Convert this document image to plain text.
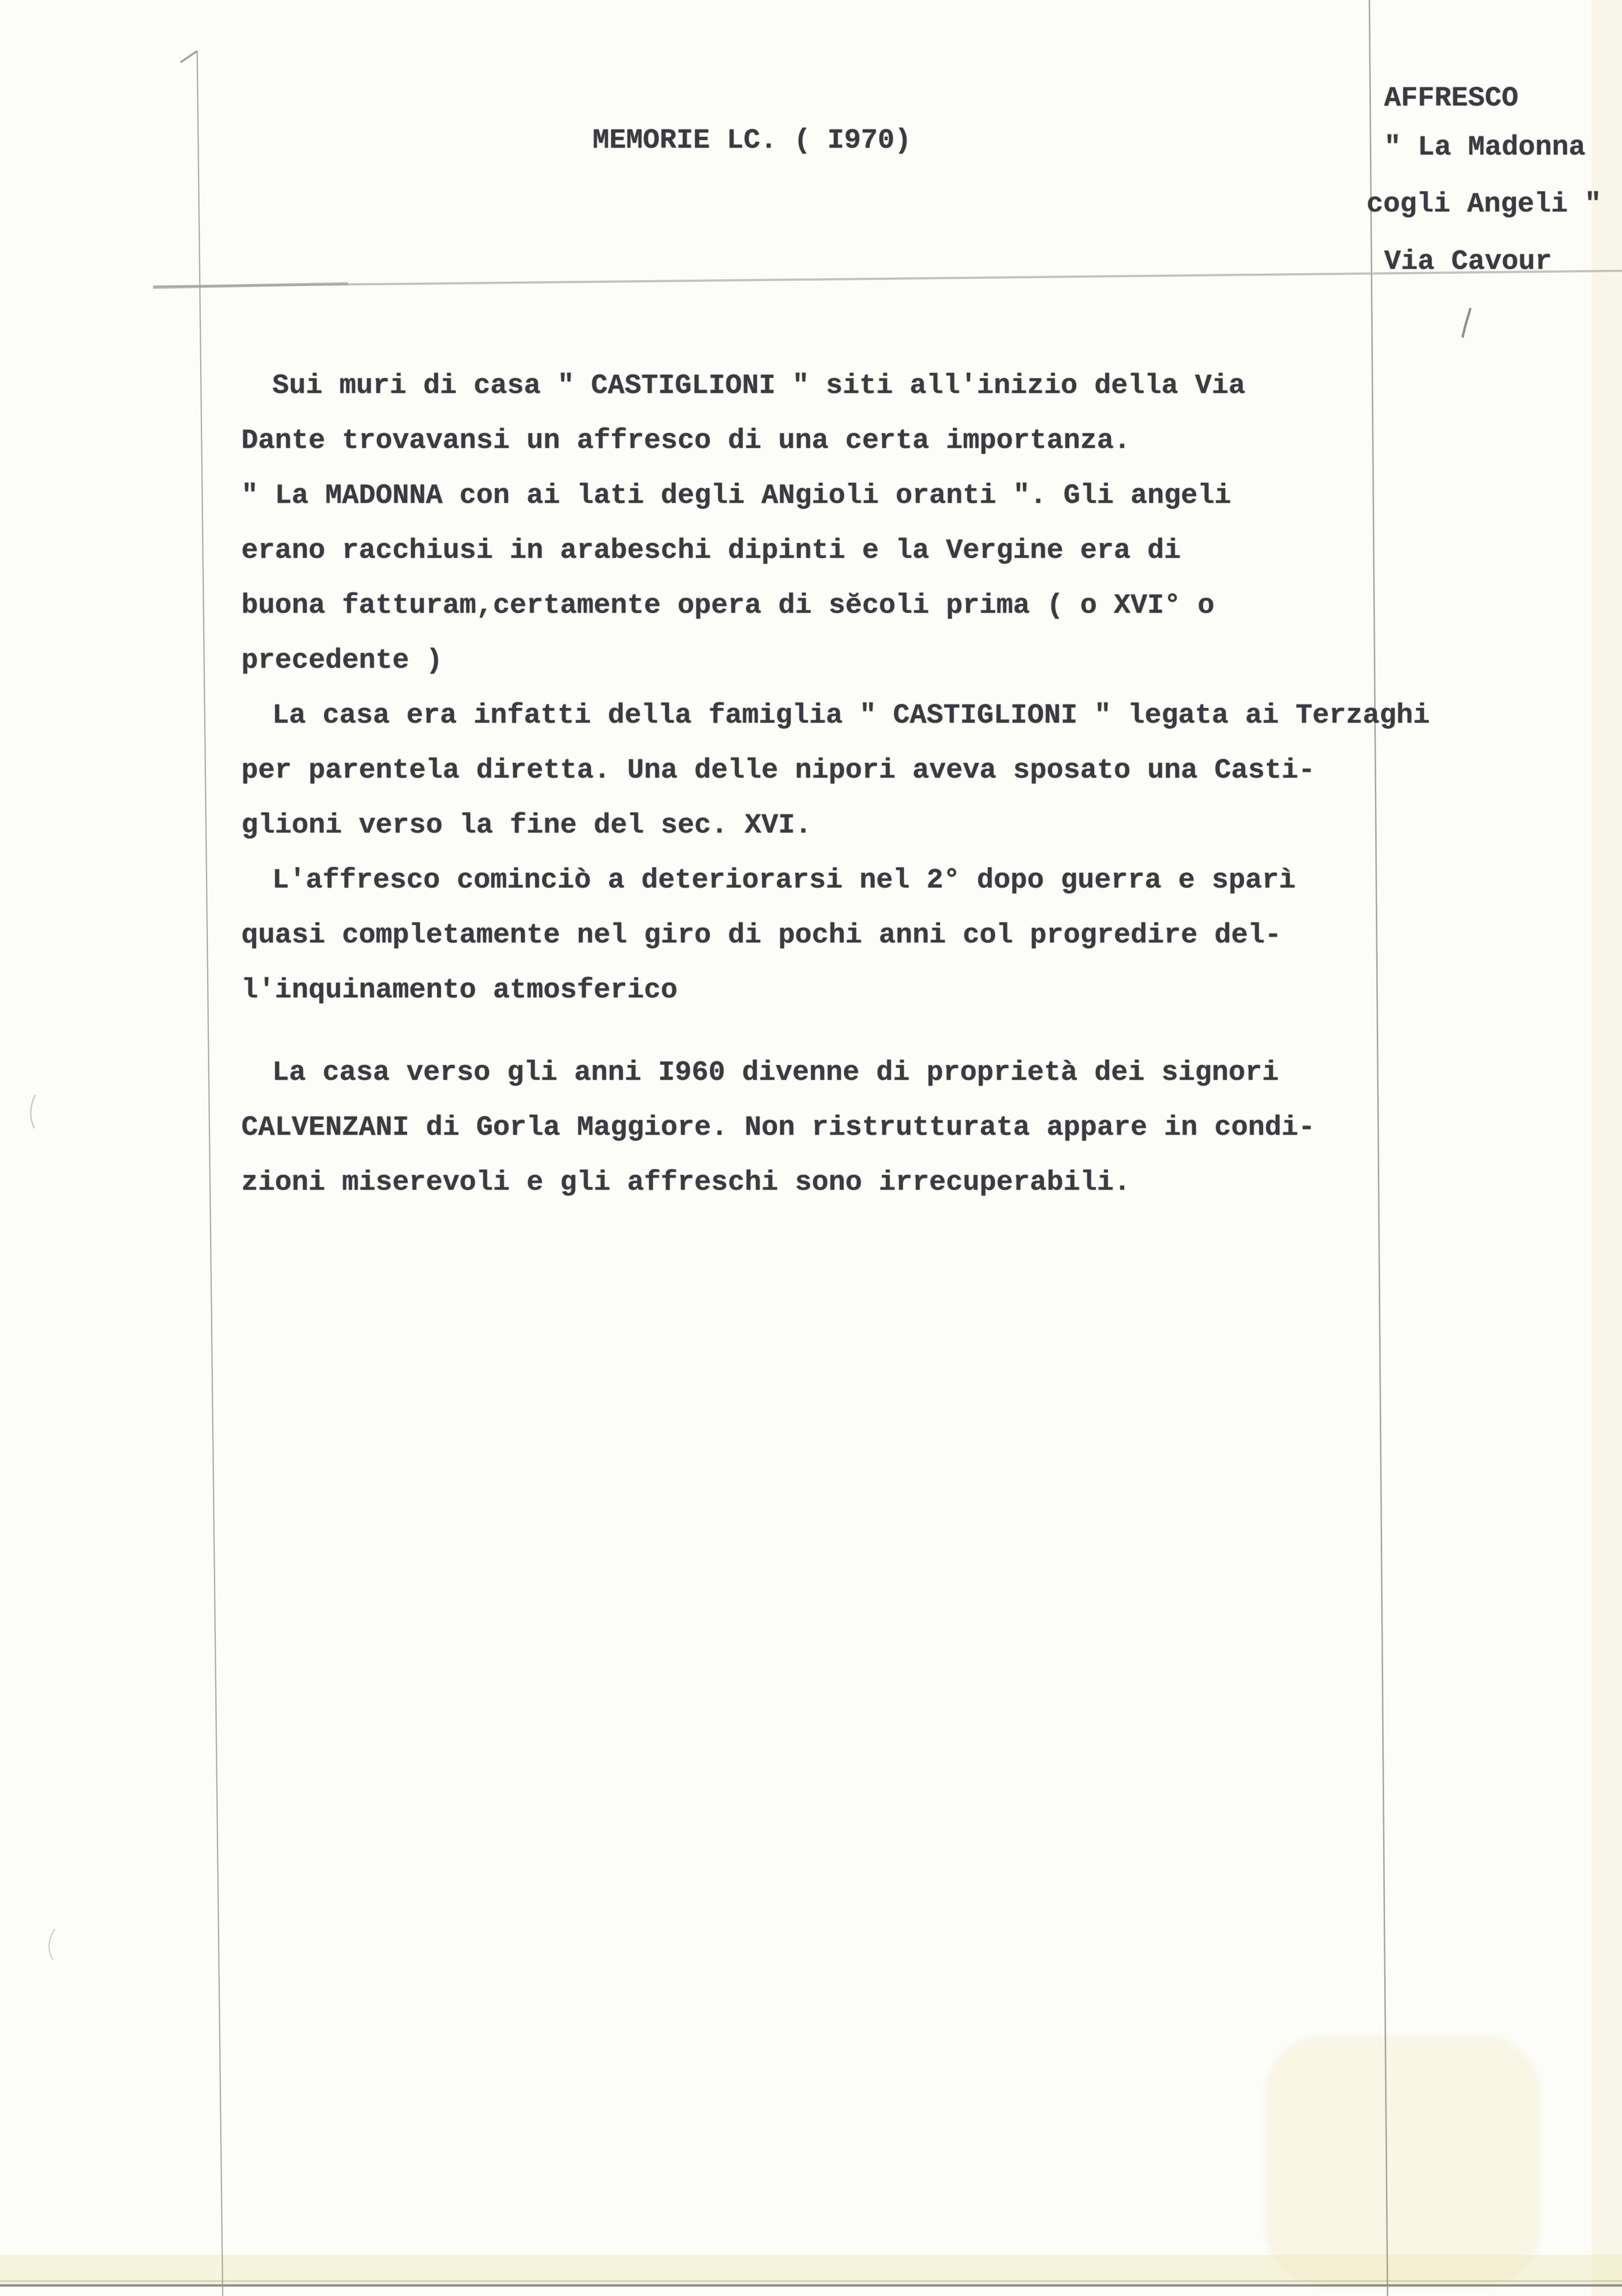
MEMORIE LC. ( I970)
AFFRESCO
" La Madonna
cogli Angeli "
Via Cavour
Sui muri di casa " CASTIGLIONI " siti all'inizio della Via
Dante trovavansi un affresco di una certa importanza.
" La MADONNA con ai lati degli ANgioli oranti ". Gli angeli
erano racchiusi in arabeschi dipinti e la Vergine era di
buona fatturam,certamente opera di sĕcoli prima ( o XVI° o
precedente )
La casa era infatti della famiglia " CASTIGLIONI " legata ai Terzaghi
per parentela diretta. Una delle nipori aveva sposato una Casti-
glioni verso la fine del sec. XVI.
L'affresco cominciò a deteriorarsi nel 2° dopo guerra e sparì
quasi completamente nel giro di pochi anni col progredire del-
l'inquinamento atmosferico
La casa verso gli anni I960 divenne di proprietà dei signori
CALVENZANI di Gorla Maggiore. Non ristrutturata appare in condi-
zioni miserevoli e gli affreschi sono irrecuperabili.
